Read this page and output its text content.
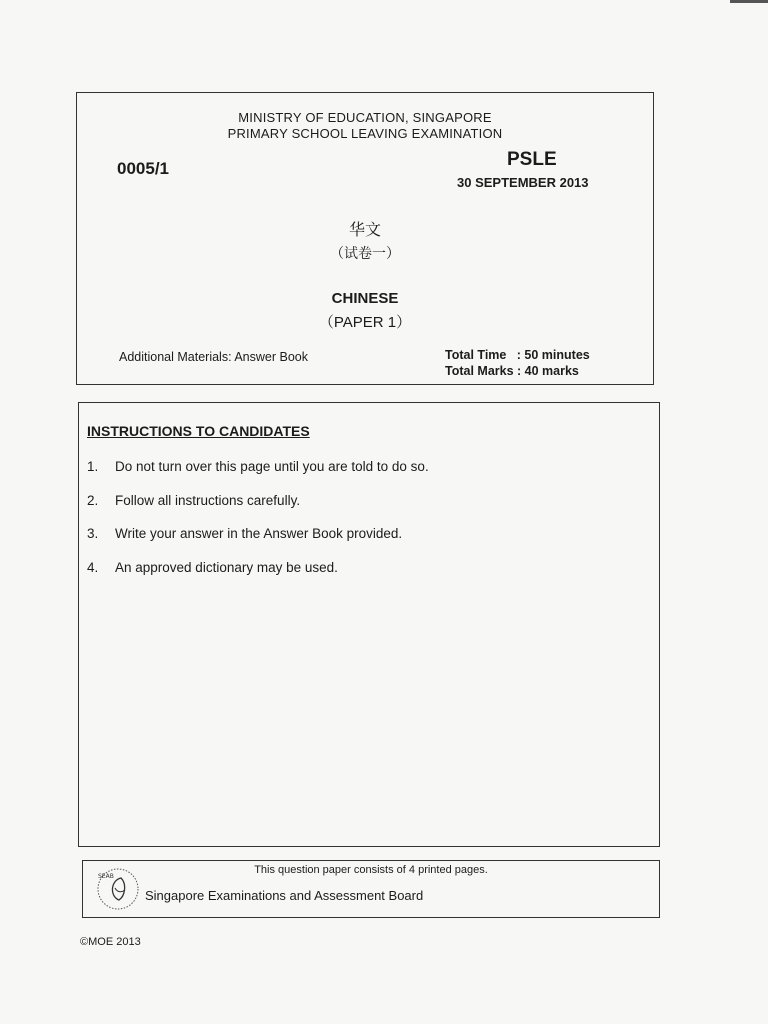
MINISTRY OF EDUCATION, SINGAPORE
PRIMARY SCHOOL LEAVING EXAMINATION
0005/1	PSLE
30 SEPTEMBER 2013
华文
（试卷一）
CHINESE
（PAPER 1）
Additional Materials: Answer Book	Total Time : 50 minutes
Total Marks : 40 marks
INSTRUCTIONS TO CANDIDATES
1. Do not turn over this page until you are told to do so.
2. Follow all instructions carefully.
3. Write your answer in the Answer Book provided.
4. An approved dictionary may be used.
SEAB
This question paper consists of 4 printed pages.
Singapore Examinations and Assessment Board
©MOE 2013
